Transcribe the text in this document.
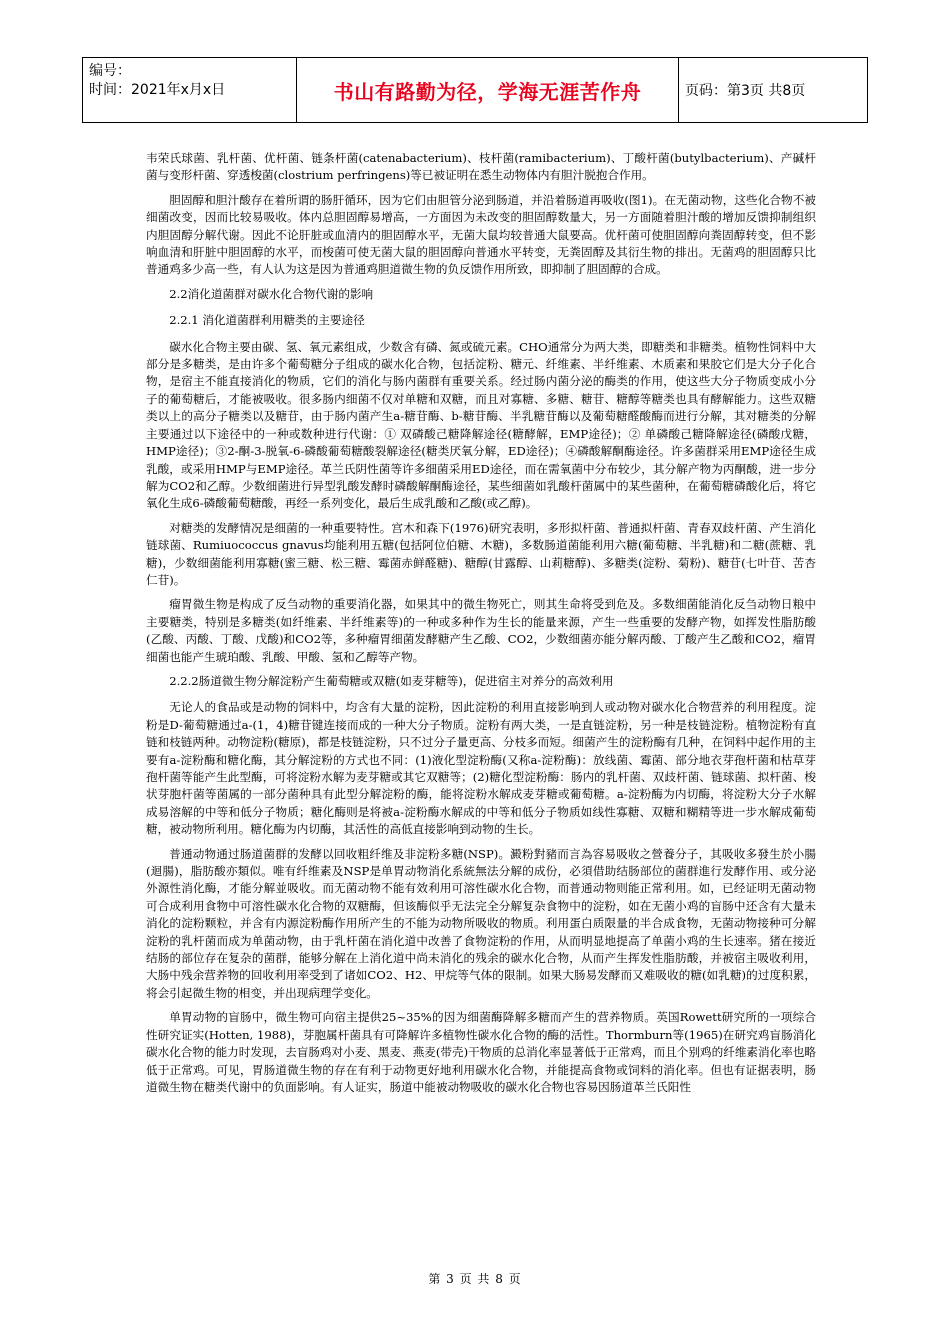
编号：
时间：2021年x月x日	书山有路勤为径，学海无涯苦作舟	页码：第3页 共8页

韦荣氏球菌、乳杆菌、优杆菌、链条杆菌(catenabacterium)、枝杆菌(ramibacterium)、丁酸杆菌(butylbacterium)、产碱杆菌与变形杆菌、穿透梭菌(clostrium perfringens)等已被证明在悉生动物体内有胆汁脱抱合作用。

胆固醇和胆汁酸存在着所谓的肠肝循环，因为它们由胆管分泌到肠道，并沿着肠道再吸收(图1)。在无菌动物，这些化合物不被细菌改变，因而比较易吸收。体内总胆固醇易增高，一方面因为未改变的胆固醇数量大，另一方面随着胆汁酸的增加反馈抑制组织内胆固醇分解代谢。因此不论肝脏或血清内的胆固醇水平，无菌大鼠均较普通大鼠要高。优杆菌可使胆固醇向粪固醇转变，但不影响血清和肝脏中胆固醇的水平，而梭菌可使无菌大鼠的胆固醇向普通水平转变，无粪固醇及其衍生物的排出。无菌鸡的胆固醇只比普通鸡多少高一些，有人认为这是因为普通鸡胆道微生物的负反馈作用所致，即抑制了胆固醇的合成。

2.2消化道菌群对碳水化合物代谢的影响

2.2.1 消化道菌群利用糖类的主要途径

碳水化合物主要由碳、氢、氧元素组成，少数含有磷、氮或硫元素。CHO通常分为两大类，即糖类和非糖类。植物性饲料中大部分是多糖类，是由许多个葡萄糖分子组成的碳水化合物，包括淀粉、糖元、纤维素、半纤维素、木质素和果胶它们是大分子化合物，是宿主不能直接消化的物质，它们的消化与肠内菌群有重要关系。经过肠内菌分泌的酶类的作用，使这些大分子物质变成小分子的葡萄糖后，才能被吸收。很多肠内细菌不仅对单糖和双糖，而且对寡糖、多糖、糖苷、糖醇等糖类也具有酵解能力。这些双糖类以上的高分子糖类以及糖苷，由于肠内菌产生a-糖苷酶、b-糖苷酶、半乳糖苷酶以及葡萄糖醛酸酶而进行分解，其对糖类的分解主要通过以下途径中的一种或数种进行代谢：① 双磷酸己糖降解途径(糖酵解，EMP途径)；② 单磷酸己糖降解途径(磷酸戊糖，HMP途径)；③2-酮-3-脱氧-6-磷酸葡萄糖酸裂解途径(糖类厌氧分解，ED途径)；④磷酸解酮酶途径。许多菌群采用EMP途径生成乳酸，或采用HMP与EMP途径。革兰氏阴性菌等许多细菌采用ED途径，而在需氧菌中分布较少，其分解产物为丙酮酸，进一步分解为CO2和乙醇。少数细菌进行异型乳酸发酵时磷酸解酮酶途径，某些细菌如乳酸杆菌属中的某些菌种，在葡萄糖磷酸化后，将它氧化生成6-磷酸葡萄糖酸，再经一系列变化，最后生成乳酸和乙酸(或乙醇)。

对糖类的发酵情况是细菌的一种重要特性。宫木和森下(1976)研究表明，多形拟杆菌、普通拟杆菌、青春双歧杆菌、产生消化链球菌、Rumiuococcus gnavus均能利用五糖(包括阿位伯糖、木糖)，多数肠道菌能利用六糖(葡萄糖、半乳糖)和二糖(蔗糖、乳糖)，少数细菌能利用寡糖(蜜三糖、松三糖、霉菌赤鲜醛糖)、糖醇(甘露醇、山莉糖醇)、多糖类(淀粉、菊粉)、糖苷(七叶苷、苦杏仁苷)。

瘤胃微生物是构成了反刍动物的重要消化器，如果其中的微生物死亡，则其生命将受到危及。多数细菌能消化反刍动物日粮中主要糖类，特别是多糖类(如纤维素、半纤维素等)的一种或多种作为生长的能量来源，产生一些重要的发酵产物，如挥发性脂肪酸(乙酸、丙酸、丁酸、戊酸)和CO2等，多种瘤胃细菌发酵糖产生乙酸、CO2，少数细菌亦能分解丙酸、丁酸产生乙酸和CO2，瘤胃细菌也能产生琥珀酸、乳酸、甲酸、氢和乙醇等产物。

2.2.2肠道微生物分解淀粉产生葡萄糖或双糖(如麦芽糖等)，促进宿主对养分的高效利用

无论人的食品或是动物的饲料中，均含有大量的淀粉，因此淀粉的利用直接影响到人或动物对碳水化合物营养的利用程度。淀粉是D-葡萄糖通过a-(1，4)糖苷键连接而成的一种大分子物质。淀粉有两大类，一是直链淀粉，另一种是枝链淀粉。植物淀粉有直链和枝链两种。动物淀粉(糖原)，都是枝链淀粉，只不过分子量更高、分枝多而短。细菌产生的淀粉酶有几种，在饲料中起作用的主要有a-淀粉酶和糖化酶，其分解淀粉的方式也不同：(1)液化型淀粉酶(又称a-淀粉酶)：放线菌、霉菌、部分地衣芽孢杆菌和枯草芽孢杆菌等能产生此型酶，可将淀粉水解为麦芽糖或其它双糖等；(2)糖化型淀粉酶：肠内的乳杆菌、双歧杆菌、链球菌、拟杆菌、梭状芽胞杆菌等菌属的一部分菌种具有此型分解淀粉的酶，能将淀粉水解成麦芽糖或葡萄糖。a-淀粉酶为内切酶，将淀粉大分子水解成易溶解的中等和低分子物质；糖化酶则是将被a-淀粉酶水解成的中等和低分子物质如线性寡糖、双糖和糊精等进一步水解成葡萄糖，被动物所利用。糖化酶为内切酶，其活性的高低直接影响到动物的生长。

普通动物通过肠道菌群的发酵以回收粗纤维及非淀粉多糖(NSP)。澱粉對豬而言為容易吸收之營養分子，其吸收多發生於小腸(迴腸)，脂肪酸亦類似。唯有纤维素及NSP是单胃动物消化系統無法分解的成份，必須借助结肠部位的菌群進行发酵作用、或分泌外源性消化酶，才能分解並吸收。而无菌动物不能有效利用可溶性碳水化合物，而普通动物则能正常利用。如，已经证明无菌动物可合成利用食物中可溶性碳水化合物的双糖酶，但该酶似乎无法完全分解复杂食物中的淀粉，如在无菌小鸡的盲肠中还含有大量未消化的淀粉颗粒，并含有内源淀粉酶作用所产生的不能为动物所吸收的物质。利用蛋白质限量的半合成食物，无菌动物接种可分解淀粉的乳杆菌而成为单菌动物，由于乳杆菌在消化道中改善了食物淀粉的作用，从而明显地提高了单菌小鸡的生长速率。猪在接近结肠的部位存在复杂的菌群，能够分解在上消化道中尚未消化的残余的碳水化合物，从而产生挥发性脂肪酸，并被宿主吸收利用，大肠中残余营养物的回收利用率受到了诸如CO2、H2、甲烷等气体的限制。如果大肠易发酵而又难吸收的糖(如乳糖)的过度积累，将会引起微生物的相变，并出现病理学变化。

单胃动物的盲肠中，微生物可向宿主提供25~35%的因为细菌酶降解多糖而产生的营养物质。英国Rowett研究所的一项综合性研究证实(Hotten, 1988)，芽胞属杆菌具有可降解许多植物性碳水化合物的酶的活性。Thormburn等(1965)在研究鸡盲肠消化碳水化合物的能力时发现，去盲肠鸡对小麦、黑麦、燕麦(带壳)干物质的总消化率显著低于正常鸡，而且个别鸡的纤维素消化率也略低于正常鸡。可见，胃肠道微生物的存在有利于动物更好地利用碳水化合物，并能提高食物或饲料的消化率。但也有证据表明，肠道微生物在糖类代谢中的负面影响。有人证实，肠道中能被动物吸收的碳水化合物也容易因肠道革兰氏阳性

第 3 页 共 8 页
